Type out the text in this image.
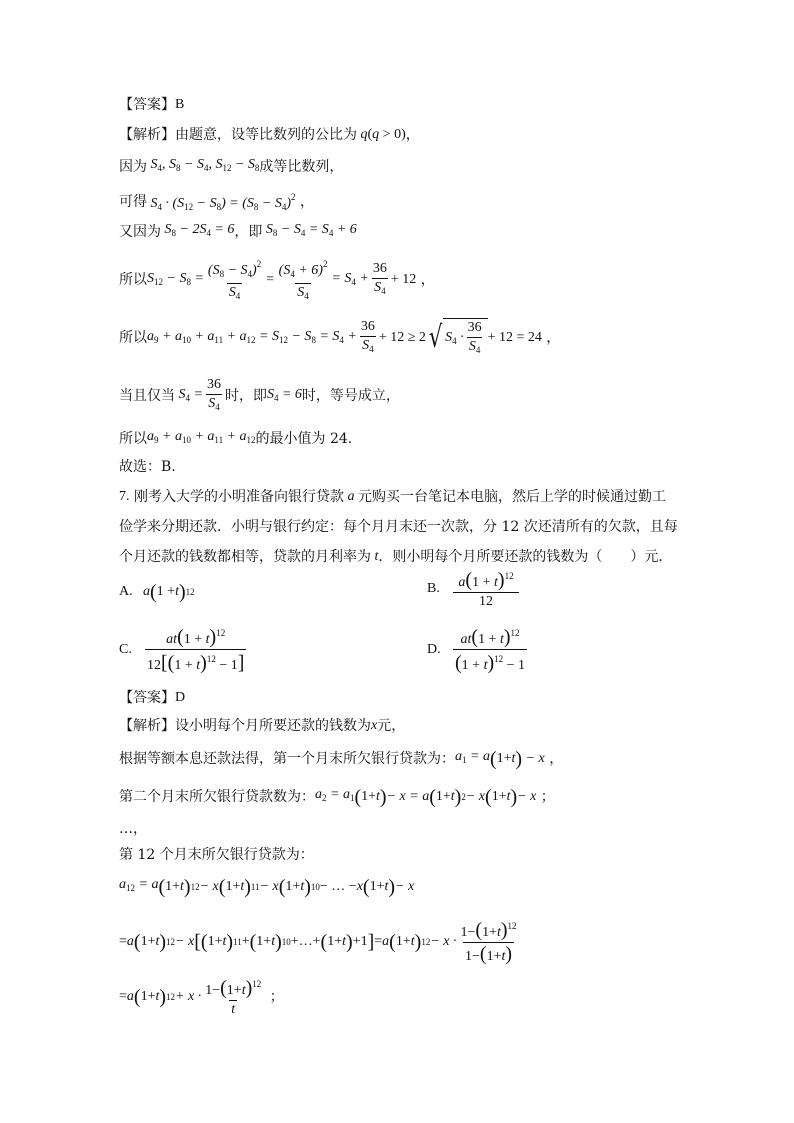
【答案】 B
【解析】 由题意，设等比数列的公比为 q ( q > 0) ，
因为 $S_4$, $S_8 - S_4$, $S_{12} - S_8$ 成等比数列，
可得 $S_4 \cdot (S_{12} - S_8) = (S_8 - S_4)^2$ ，
又因为 $S_8 - 2S_4 = 6$ ，即 $S_8 - S_4 = S_4 + 6$
所以 $S_{12} - S_8 = \frac{(S_8 - S_4)^2}{S_4} = \frac{(S_4 + 6)^2}{S_4} = S_4 + \frac{36}{S_4} + 12$ ，
所以 $a_9 + a_{10} + a_{11} + a_{12} = S_{12} - S_8 = S_4 + \frac{36}{S_4} + 12 \ge 2$ √ $S_4 \cdot \frac{36}{S_4} + 12 = 24$ ，
当且仅当 $S_4 = \frac{36}{S_4}$ 时，即 $S_4 = 6$ 时，等号成立，
所以 $a_9 + a_{10} + a_{11} + a_{12}$ 的最小值为 24.
故选：B.
7.
刚考入大学的小明准备向银行贷款 a 元购买一台笔记本电脑，然后上学的时候通过勤工
俭学来分期还款．小明与银行约定：每个月月末还一次款，分 12 次还清所有的欠款，且每
个月还款的钱数都相等，贷款的月利率为 t ．则小明每个月所要还款的钱数为（　　）元．
A. a ( 1 + t ) 12	B. $\frac{a(1 + t)^{12}}{12}$
C. $\frac{at(1 + t)^{12}}{12[(1 + t)^{12} - 1]}$	D. $\frac{at(1 + t)^{12}}{(1 + t)^{12} - 1}$
【答案】 D
【解析】 设小明每个月所要还款的钱数为 x 元，
根据等额本息还款法得，第一个月末所欠银行贷款为： $a_1 = a$ ( 1+ t ) − x ，
第二个月末所欠银行贷款数为： $a_2 = a_1$ ( 1+ t ) − x = a ( 1+ t ) 2 − x ( 1+ t ) − x ；
…，
第 12 个月末所欠银行贷款为：
$a_{12} = a$ ( 1+ t ) 12 − x ( 1+ t ) 11 − x ( 1+ t ) 10 − … − x ( 1+ t ) − x
= a ( 1+ t ) 12 − x [ ( 1+ t ) 11 + ( 1+ t ) 10 +…+ ( 1+ t ) +1 ] = a ( 1+ t ) $12 - x \cdot \frac{1-(1+t)^{12}}{1-(1+t)}$
= a ( 1+ t ) $12 + x \cdot \frac{1-(1+t)^{12}}{t}$ ；
